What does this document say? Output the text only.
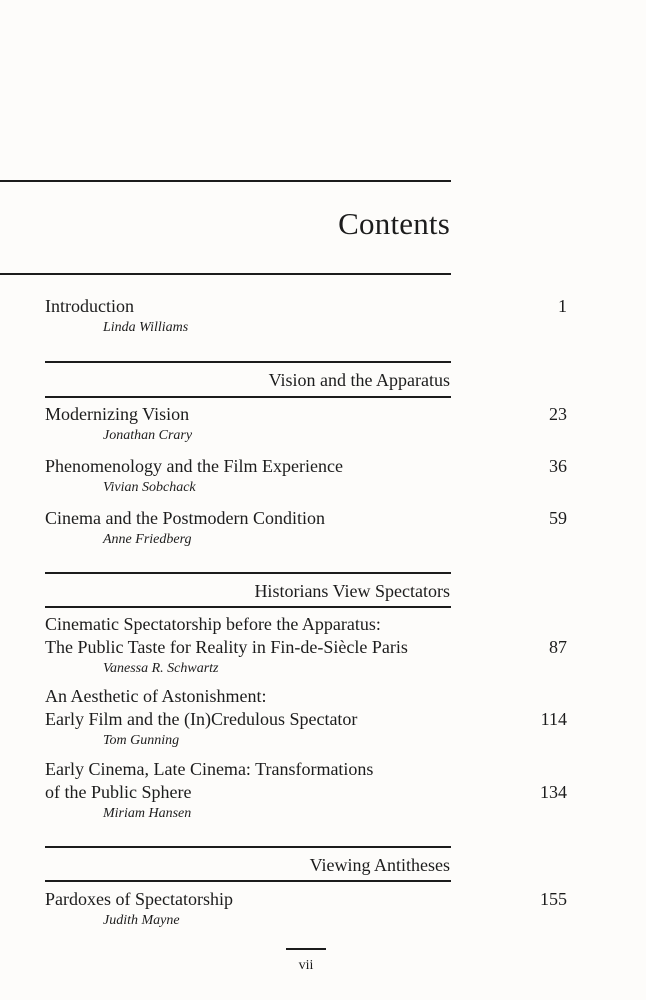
Contents
Introduction
Linda Williams
1
Vision and the Apparatus
Modernizing Vision
Jonathan Crary
23
Phenomenology and the Film Experience
Vivian Sobchack
36
Cinema and the Postmodern Condition
Anne Friedberg
59
Historians View Spectators
Cinematic Spectatorship before the Apparatus:
The Public Taste for Reality in Fin-de-Siècle Paris
Vanessa R. Schwartz
87
An Aesthetic of Astonishment:
Early Film and the (In)Credulous Spectator
Tom Gunning
114
Early Cinema, Late Cinema: Transformations
of the Public Sphere
Miriam Hansen
134
Viewing Antitheses
Pardoxes of Spectatorship
Judith Mayne
155
vii
